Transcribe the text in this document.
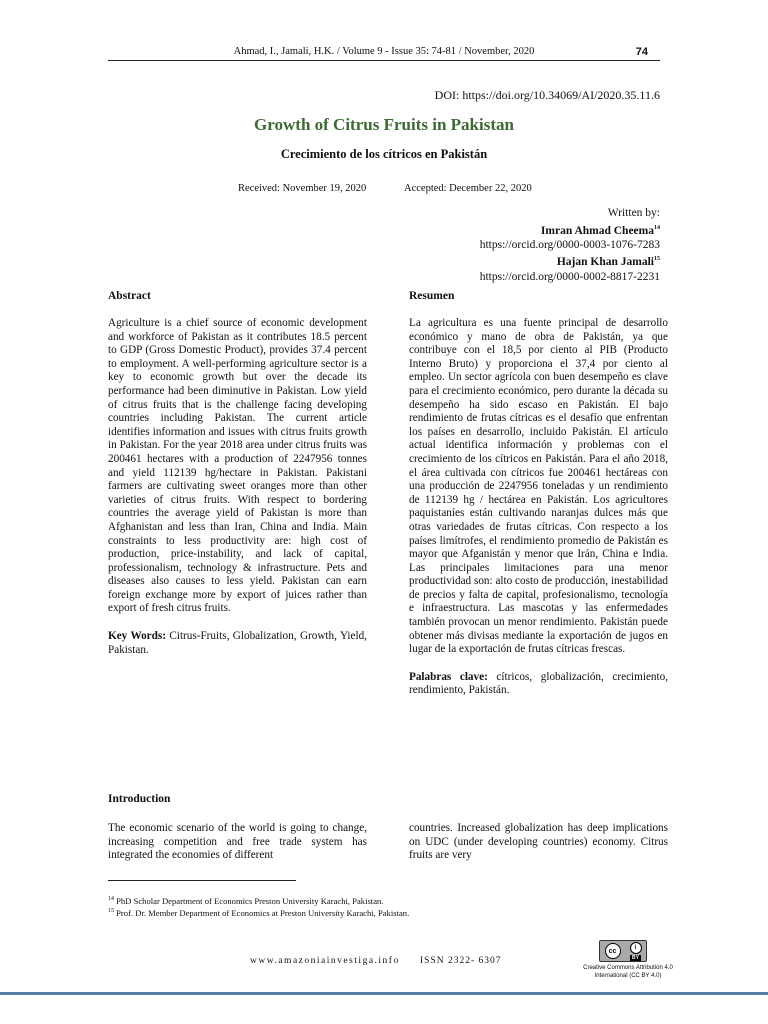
Ahmad, I., Jamali, H.K. / Volume 9 - Issue 35: 74-81 / November, 2020	74
DOI: https://doi.org/10.34069/AI/2020.35.11.6
Growth of Citrus Fruits in Pakistan
Crecimiento de los cítricos en Pakistán
Received: November 19, 2020	Accepted: December 22, 2020
Written by:
Imran Ahmad Cheema$^{14}$
https://orcid.org/0000-0003-1076-7283
Hajan Khan Jamali$^{15}$
https://orcid.org/0000-0002-8817-2231
Abstract
Agriculture is a chief source of economic development and workforce of Pakistan as it contributes 18.5 percent to GDP (Gross Domestic Product), provides 37.4 percent to employment. A well-performing agriculture sector is a key to economic growth but over the decade its performance had been diminutive in Pakistan. Low yield of citrus fruits that is the challenge facing developing countries including Pakistan. The current article identifies information and issues with citrus fruits growth in Pakistan. For the year 2018 area under citrus fruits was 200461 hectares with a production of 2247956 tonnes and yield 112139 hg/hectare in Pakistan. Pakistani farmers are cultivating sweet oranges more than other varieties of citrus fruits. With respect to bordering countries the average yield of Pakistan is more than Afghanistan and less than Iran, China and India. Main constraints to less productivity are: high cost of production, price-instability, and lack of capital, professionalism, technology & infrastructure. Pets and diseases also causes to less yield. Pakistan can earn foreign exchange more by export of juices rather than export of fresh citrus fruits.
Key Words: Citrus-Fruits, Globalization, Growth, Yield, Pakistan.
Resumen
La agricultura es una fuente principal de desarrollo económico y mano de obra de Pakistán, ya que contribuye con el 18,5 por ciento al PIB (Producto Interno Bruto) y proporciona el 37,4 por ciento al empleo. Un sector agrícola con buen desempeño es clave para el crecimiento económico, pero durante la década su desempeño ha sido escaso en Pakistán. El bajo rendimiento de frutas cítricas es el desafío que enfrentan los países en desarrollo, incluido Pakistán. El artículo actual identifica información y problemas con el crecimiento de los cítricos en Pakistán. Para el año 2018, el área cultivada con cítricos fue 200461 hectáreas con una producción de 2247956 toneladas y un rendimiento de 112139 hg / hectárea en Pakistán. Los agricultores paquistaníes están cultivando naranjas dulces más que otras variedades de frutas cítricas. Con respecto a los países limítrofes, el rendimiento promedio de Pakistán es mayor que Afganistán y menor que Irán, China e India. Las principales limitaciones para una menor productividad son: alto costo de producción, inestabilidad de precios y falta de capital, profesionalismo, tecnología e infraestructura. Las mascotas y las enfermedades también provocan un menor rendimiento. Pakistán puede obtener más divisas mediante la exportación de jugos en lugar de la exportación de frutas cítricas frescas.
Palabras clave: cítricos, globalización, crecimiento, rendimiento, Pakistán.
Introduction
The economic scenario of the world is going to change, increasing competition and free trade system has integrated the economies of different
countries. Increased globalization has deep implications on UDC (under developing countries) economy. Citrus fruits are very
$^{14}$ PhD Scholar Department of Economics Preston University Karachi, Pakistan.
$^{15}$ Prof. Dr. Member Department of Economics at Preston University Karachi, Pakistan.
www.amazoniainvestiga.info ISSN 2322- 6307
cc	i
BY
Creative Commons Attribution 4.0
International (CC BY 4.0)
